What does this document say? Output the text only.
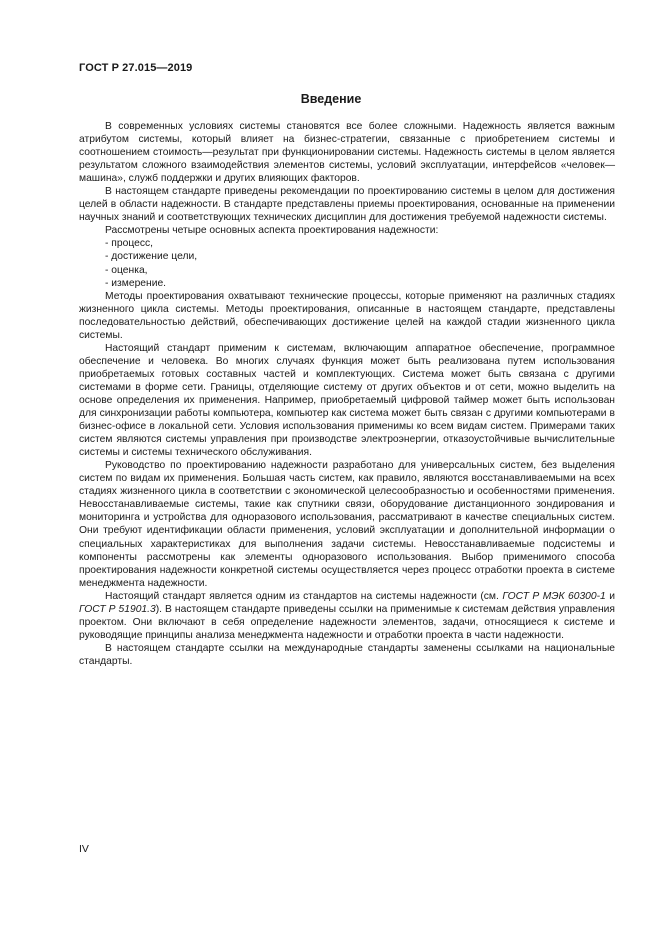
ГОСТ Р 27.015—2019
Введение

В современных условиях системы становятся все более сложными. Надежность является важным атрибутом системы, который влияет на бизнес-стратегии, связанные с приобретением системы и соотношением стоимость—результат при функционировании системы. Надежность системы в целом является результатом сложного взаимодействия элементов системы, условий эксплуатации, интерфейсов «человек—машина», служб поддержки и других влияющих факторов.

В настоящем стандарте приведены рекомендации по проектированию системы в целом для достижения целей в области надежности. В стандарте представлены приемы проектирования, основанные на применении научных знаний и соответствующих технических дисциплин для достижения требуемой надежности системы.

Рассмотрены четыре основных аспекта проектирования надежности:

- процесс,
- достижение цели,
- оценка,
- измерение.

Методы проектирования охватывают технические процессы, которые применяют на различных стадиях жизненного цикла системы. Методы проектирования, описанные в настоящем стандарте, представлены последовательностью действий, обеспечивающих достижение целей на каждой стадии жизненного цикла системы.

Настоящий стандарт применим к системам, включающим аппаратное обеспечение, программное обеспечение и человека. Во многих случаях функция может быть реализована путем использования приобретаемых готовых составных частей и комплектующих. Система может быть связана с другими системами в форме сети. Границы, отделяющие систему от других объектов и от сети, можно выделить на основе определения их применения. Например, приобретаемый цифровой таймер может быть использован для синхронизации работы компьютера, компьютер как система может быть связан с другими компьютерами в бизнес-офисе в локальной сети. Условия использования применимы ко всем видам систем. Примерами таких систем являются системы управления при производстве электроэнергии, отказоустойчивые вычислительные системы и системы технического обслуживания.

Руководство по проектированию надежности разработано для универсальных систем, без выделения систем по видам их применения. Большая часть систем, как правило, являются восстанавливаемыми на всех стадиях жизненного цикла в соответствии с экономической целесообразностью и особенностями применения. Невосстанавливаемые системы, такие как спутники связи, оборудование дистанционного зондирования и мониторинга и устройства для одноразового использования, рассматривают в качестве специальных систем. Они требуют идентификации области применения, условий эксплуатации и дополнительной информации о специальных характеристиках для выполнения задачи системы. Невосстанавливаемые подсистемы и компоненты рассмотрены как элементы одноразового использования. Выбор применимого способа проектирования надежности конкретной системы осуществляется через процесс отработки проекта в системе менеджмента надежности.

Настоящий стандарт является одним из стандартов на системы надежности (см. ГОСТ Р МЭК 60300-1 и ГОСТ Р 51901.3). В настоящем стандарте приведены ссылки на применимые к системам действия управления проектом. Они включают в себя определение надежности элементов, задачи, относящиеся к системе и руководящие принципы анализа менеджмента надежности и отработки проекта в части надежности.

В настоящем стандарте ссылки на международные стандарты заменены ссылками на национальные стандарты.

IV
